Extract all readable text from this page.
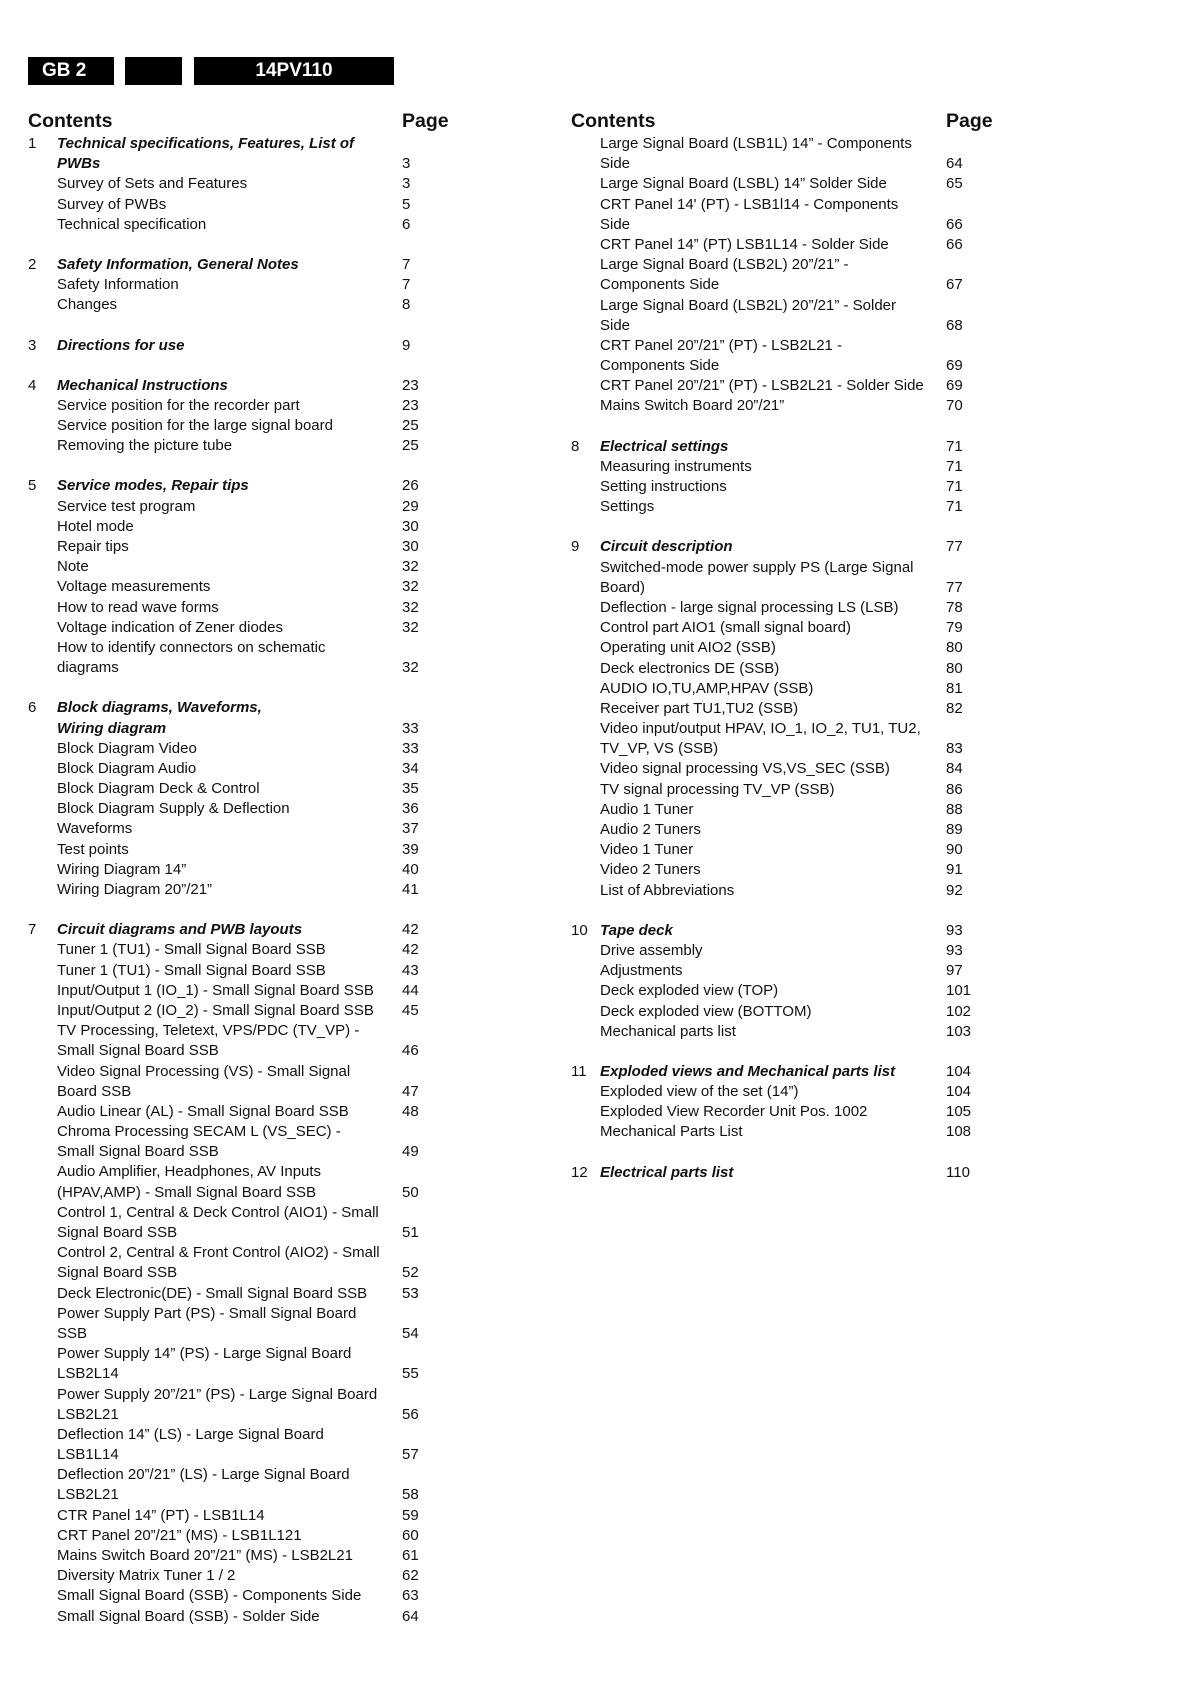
GB 2	14PV110
Contents	Page
1 Technical specifications, Features, List of
PWBs	3
Survey of Sets and Features	3
Survey of PWBs	5
Technical specification	6
2 Safety Information, General Notes	7
Safety Information	7
Changes	8
3 Directions for use	9
4 Mechanical Instructions	23
Service position for the recorder part	23
Service position for the large signal board	25
Removing the picture tube	25
5 Service modes, Repair tips	26
Service test program	29
Hotel mode	30
Repair tips	30
Note	32
Voltage measurements	32
How to read wave forms	32
Voltage indication of Zener diodes	32
How to identify connectors on schematic
diagrams	32
6 Block diagrams, Waveforms,
Wiring diagram	33
Block Diagram Video	33
Block Diagram Audio	34
Block Diagram Deck & Control	35
Block Diagram Supply & Deflection	36
Waveforms	37
Test points	39
Wiring Diagram 14”	40
Wiring Diagram 20”/21”	41
7 Circuit diagrams and PWB layouts	42
Tuner 1 (TU1) - Small Signal Board SSB	42
Tuner 1 (TU1) - Small Signal Board SSB	43
Input/Output 1 (IO_1) - Small Signal Board SSB 44
Input/Output 2 (IO_2) - Small Signal Board SSB 45
TV Processing, Teletext, VPS/PDC (TV_VP) -
Small Signal Board SSB	46
Video Signal Processing (VS) - Small Signal
Board SSB	47
Audio Linear (AL) - Small Signal Board SSB	48
Chroma Processing SECAM L (VS_SEC) -
Small Signal Board SSB	49
Audio Amplifier, Headphones, AV Inputs
(HPAV,AMP) - Small Signal Board SSB	50
Control 1, Central & Deck Control (AIO1) - Small
Signal Board SSB	51
Control 2, Central & Front Control (AIO2) - Small
Signal Board SSB	52
Deck Electronic(DE) - Small Signal Board SSB 53
Power Supply Part (PS) - Small Signal Board
SSB	54
Power Supply 14” (PS) - Large Signal Board
LSB2L14	55
Power Supply 20”/21” (PS) - Large Signal Board
LSB2L21	56
Deflection 14” (LS) - Large Signal Board
LSB1L14	57
Deflection 20”/21” (LS) - Large Signal Board
LSB2L21	58
CTR Panel 14” (PT) - LSB1L14	59
CRT Panel 20”/21” (MS) - LSB1L121	60
Mains Switch Board 20”/21” (MS) - LSB2L21	61
Diversity Matrix Tuner 1 / 2	62
Small Signal Board (SSB) - Components Side	63
Small Signal Board (SSB) - Solder Side	64
Contents	Page
Large Signal Board (LSB1L) 14” - Components
Side	64
Large Signal Board (LSBL) 14” Solder Side	65
CRT Panel 14' (PT) - LSB1l14 - Components
Side	66
CRT Panel 14” (PT) LSB1L14 - Solder Side	66
Large Signal Board (LSB2L) 20”/21” -
Components Side	67
Large Signal Board (LSB2L) 20”/21” - Solder
Side	68
CRT Panel 20”/21” (PT) - LSB2L21 -
Components Side	69
CRT Panel 20”/21” (PT) - LSB2L21 - Solder Side 69
Mains Switch Board 20”/21”	70
8 Electrical settings	71
Measuring instruments	71
Setting instructions	71
Settings	71
9 Circuit description	77
Switched-mode power supply PS (Large Signal
Board)	77
Deflection - large signal processing LS (LSB)	78
Control part AIO1 (small signal board)	79
Operating unit AIO2 (SSB)	80
Deck electronics DE (SSB)	80
AUDIO IO,TU,AMP,HPAV (SSB)	81
Receiver part TU1,TU2 (SSB)	82
Video input/output HPAV, IO_1, IO_2, TU1, TU2,
TV_VP, VS (SSB)	83
Video signal processing VS,VS_SEC (SSB)	84
TV signal processing TV_VP (SSB)	86
Audio 1 Tuner	88
Audio 2 Tuners	89
Video 1 Tuner	90
Video 2 Tuners	91
List of Abbreviations	92
10 Tape deck	93
Drive assembly	93
Adjustments	97
Deck exploded view (TOP)	101
Deck exploded view (BOTTOM)	102
Mechanical parts list	103
11 Exploded views and Mechanical parts list	104
Exploded view of the set (14”)	104
Exploded View Recorder Unit Pos. 1002	105
Mechanical Parts List	108
12 Electrical parts list	110
